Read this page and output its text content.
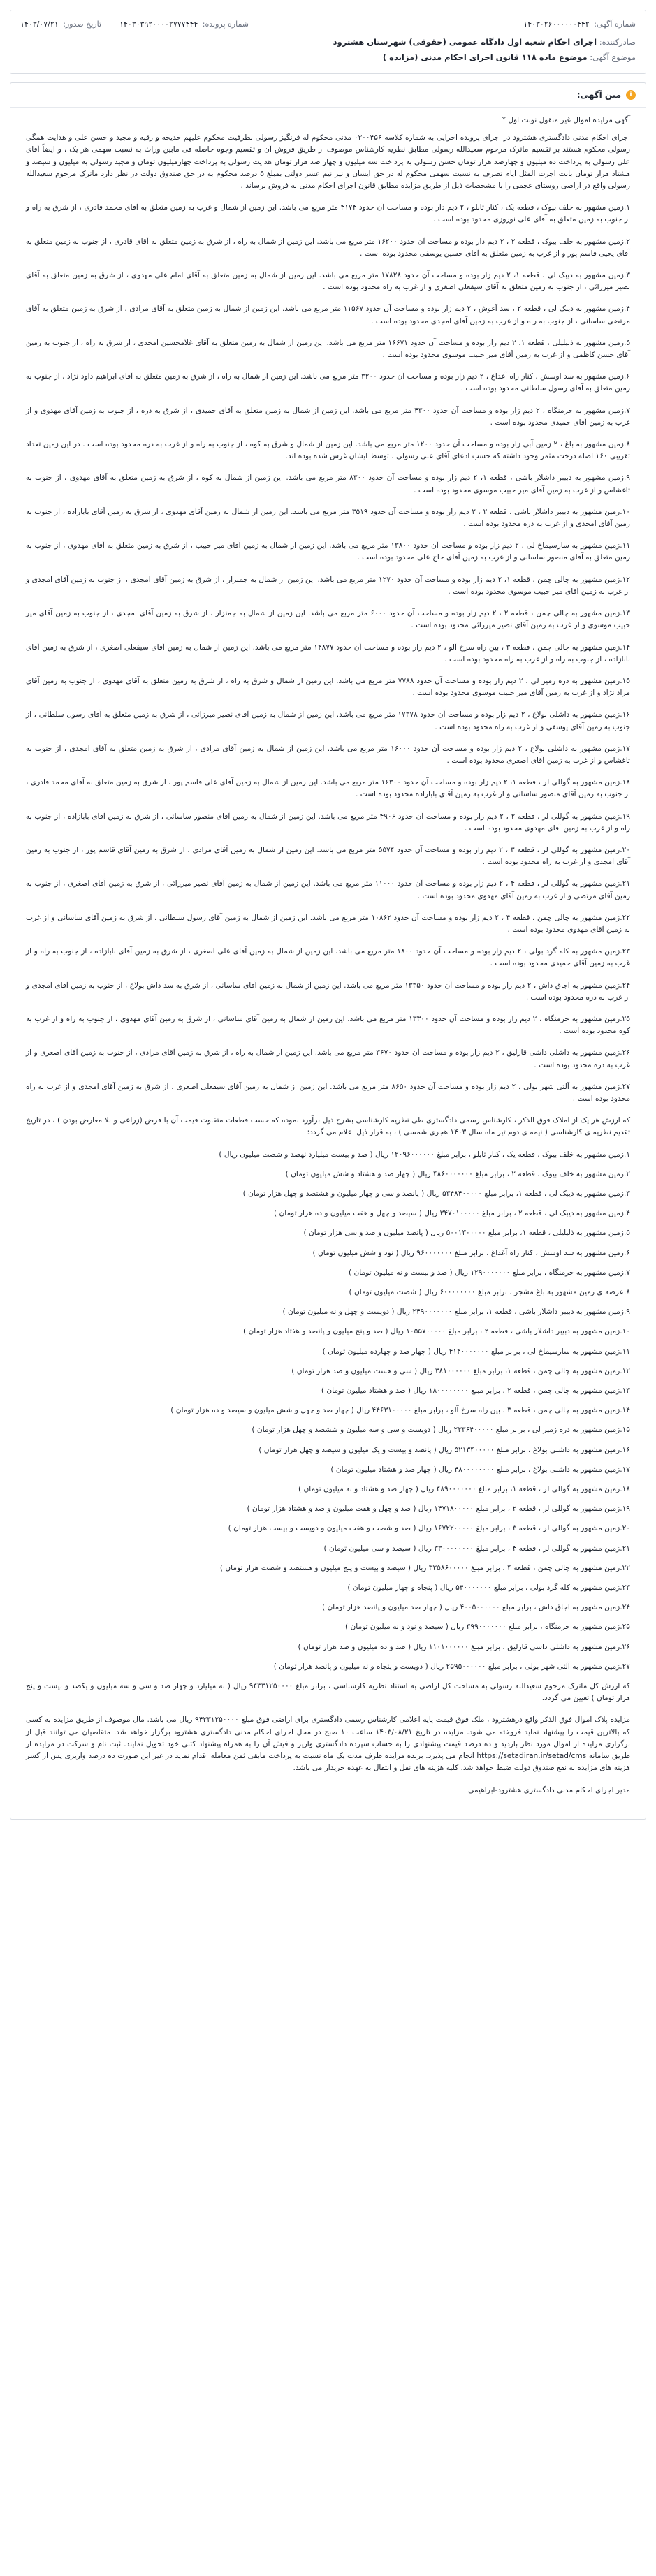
شماره آگهی: ۱۴۰۳۰۲۶۰۰۰۰۰۰۴۴۲
شماره پرونده: ۱۴۰۳۰۳۹۲۰۰۰۰۲۷۷۷۴۴۴
تاریخ صدور: ۱۴۰۳/۰۷/۲۱
صادرکننده: اجرای احکام شعبه اول دادگاه عمومی (حقوقی) شهرستان هشترود
موضوع آگهی: موضوع ماده ۱۱۸ قانون اجرای احکام مدنی (مزایده )
i
متن آگهی:

آگهی مزایده اموال غیر منقول نوبت اول *

اجرای احکام مدنی دادگستری هشترود در اجرای پرونده اجرایی به شماره کلاسه ۰۳۰۰۴۵۶ مدنی محکوم له فرنگیز رسولی بطرفیت محکوم علیهم خدیجه و رقیه و مجید و حسن علی و هدایت همگی رسولی محکوم هستند بر تقسیم ماترک مرحوم سعیدالله رسولی مطابق نظریه کارشناس موصوف از طریق فروش آن و تقسیم وجوه حاصله فی مابین وراث به نسبت سهمی هر یک ، و ایضاً آقای علی رسولی به پرداخت ده میلیون و چهارصد هزار تومان حسن رسولی به پرداخت سه میلیون و چهار صد هزار تومان هدایت رسولی به پرداخت چهارمیلیون تومان و مجید رسولی به میلیون و سیصد و هشتاد هزار تومان بابت اجرت المثل ایام تصرف به نسبت سهمی محکوم له در حق ایشان و نیز نیم عشر دولتی بمبلغ ۵ درصد محکوم به در حق صندوق دولت در نظر دارد ماترک مرحوم سعیدالله رسولی واقع در اراضی روستای عجمی را با مشخصات ذیل از طریق مزایده مطابق قانون اجرای احکام مدنی به فروش برساند .

۱.زمین مشهور به خلف بیوک ، قطعه یک ، کنار تابلو ، ۲ دیم دار بوده و مساحت آن حدود ۴۱۷۴ متر مربع می باشد. این زمین از شمال و غرب به زمین متعلق به آقای محمد قادری ، از شرق به راه و از جنوب به زمین متعلق به آقای علی نوروزی محدود بوده است .

۲.زمین مشهور به خلف بیوک ، قطعه ۲ ، ۲ دیم دار بوده و مساحت آن حدود ۱۶۲۰۰ متر مربع می باشد. این زمین از شمال به راه ، از شرق به زمین متعلق به آقای قادری ، از جنوب به زمین متعلق به آقای یحیی قاسم پور و از غرب به زمین متعلق به آقای حسین یوسفی محدود بوده است .

۳.زمین مشهور به دیبک لی ، قطعه ۱، ۲ دیم زار بوده و مساحت آن حدود ۱۷۸۲۸ متر مربع می باشد. این زمین از شمال به زمین متعلق به آقای امام علی مهدوی ، از شرق به زمین متعلق به آقای نصیر میرزائی ، از جنوب به زمین متعلق به آقای سیفعلی اصغری و از غرب به راه محدود بوده است .

۴.زمین مشهور به دیبک لی ، قطعه ۲ ، سد آغوش ، ۲ دیم زار بوده و مساحت آن حدود ۱۱۵۶۷ متر مربع می باشد. این زمین از شمال به زمین متعلق به آقای مرادی ، از شرق به زمین متعلق به آقای مرتضی ساسانی ، از جنوب به راه و از غرب به زمین آقای امجدی محدود بوده است .

۵.زمین مشهور به ذلیلیلی ، قطعه ۱، ۲ دیم زار بوده و مساحت آن حدود ۱۶۶۷۱ متر مربع می باشد. این زمین از شمال به زمین متعلق به آقای غلامحسین امجدی ، از شرق به راه ، از جنوب به زمین آقای حسن کاظمی و از غرب به زمین آقای میر حبیب موسوی محدود بوده است .

۶.زمین مشهور به سد اوسش ، کنار راه آغداغ ، ۲ دیم زار بوده و مساحت آن حدود ۳۲۰۰ متر مربع می باشد. این زمین از شمال به راه ، از شرق به زمین متعلق به آقای ابراهیم داود نژاد ، از جنوب به زمین متعلق به آقای رسول سلطانی محدود بوده است .

۷.زمین مشهور به خرمنگاه ، ۲ دیم زار بوده و مساحت آن حدود ۴۳۰۰ متر مربع می باشد. این زمین از شمال به زمین متعلق به آقای حمیدی ، از شرق به دره ، از جنوب به زمین آقای مهدوی و از غرب به زمین آقای حمیدی محدود بوده است .

۸.زمین مشهور به باغ ، ۲ زمین آبی زار بوده و مساحت آن حدود ۱۲۰۰ متر مربع می باشد. این زمین از شمال و شرق به کوه ، از جنوب به راه و از غرب به دره محدود بوده است . در این زمین تعداد تقریبی ۱۶۰ اصله درخت مثمر وجود داشته که حسب ادعای آقای علی رسولی ، توسط ایشان غرس شده بوده اند.

۹.زمین مشهور به دبیبر داشلار باشی ، قطعه ۱، ۲ دیم زار بوده و مساحت آن حدود ۸۳۰۰ متر مربع می باشد. این زمین از شمال به کوه ، از شرق به زمین متعلق به آقای مهدوی ، از جنوب به تاغشاس و از غرب به زمین آقای میر حبیب موسوی محدود بوده است .

۱۰.زمین مشهور به دبیبر داشلار باشی ، قطعه ۲ ، ۲ دیم زار بوده و مساحت آن حدود ۳۵۱۹ متر مربع می باشد. این زمین از شمال به زمین آقای مهدوی ، از شرق به زمین آقای بابازاده ، از جنوب به زمین آقای امجدی و از غرب به دره محدود بوده است .

۱۱.زمین مشهور به سارسیماخ لی ، ۲ دیم زار بوده و مساحت آن حدود ۱۳۸۰۰ متر مربع می باشد. این زمین از شمال به زمین آقای میر حبیب ، از شرق به زمین متعلق به آقای مهدوی ، از جنوب به زمین متعلق به آقای منصور ساسانی و از غرب به زمین آقای حاج علی محدود بوده است .

۱۲.زمین مشهور به چالی چمن ، قطعه ۱، ۲ دیم زار بوده و مساحت آن حدود ۱۲۷۰ متر مربع می باشد. این زمین از شمال به جمنزار ، از شرق به زمین آقای امجدی ، از جنوب به زمین آقای امجدی و از غرب به زمین آقای میر حبیب موسوی محدود بوده است .

۱۳.زمین مشهور به چالی چمن ، قطعه ۲ ، ۲ دیم زار بوده و مساحت آن حدود ۶۰۰۰ متر مربع می باشد. این زمین از شمال به جمنزار ، از شرق به زمین آقای امجدی ، از جنوب به زمین آقای میر حبیب موسوی و از غرب به زمین آقای نصیر میرزائی محدود بوده است .

۱۴.زمین مشهور به چالی چمن ، قطعه ۳ ، بین راه سرخ آلو ، ۲ دیم زار بوده و مساحت آن حدود ۱۴۸۷۷ متر مربع می باشد. این زمین از شمال به زمین آقای سیفعلی اصغری ، از شرق به زمین آقای بابازاده ، از جنوب به راه و از غرب به راه محدود بوده است .

۱۵.زمین مشهور به دره زمیر لی ، ۲ دیم زار بوده و مساحت آن حدود ۷۷۸۸ متر مربع می باشد. این زمین از شمال و شرق به راه ، از شرق به زمین متعلق به آقای مهدوی ، از جنوب به زمین آقای مراد نژاد و از غرب به زمین آقای میر حبیب موسوی محدود بوده است .

۱۶.زمین مشهور به داشلی بولاغ ، ۲ دیم زار بوده و مساحت آن حدود ۱۷۳۷۸ متر مربع می باشد. این زمین از شمال به زمین آقای نصیر میرزائی ، از شرق به زمین متعلق به آقای رسول سلطانی ، از جنوب به زمین آقای یوسفی و از غرب به راه محدود بوده است .

۱۷.زمین مشهور به داشلی بولاغ ، ۲ دیم زار بوده و مساحت آن حدود ۱۶۰۰۰ متر مربع می باشد. این زمین از شمال به زمین آقای مرادی ، از شرق به زمین متعلق به آقای امجدی ، از جنوب به تاغشاس و از غرب به زمین آقای اصغری محدود بوده است .

۱۸.زمین مشهور به گوللی لر ، قطعه ۱، ۲ دیم زار بوده و مساحت آن حدود ۱۶۳۰۰ متر مربع می باشد. این زمین از شمال به زمین آقای علی قاسم پور ، از شرق به زمین متعلق به آقای محمد قادری ، از جنوب به زمین آقای منصور ساسانی و از غرب به زمین آقای بابازاده محدود بوده است .

۱۹.زمین مشهور به گوللی لر ، قطعه ۲ ، ۲ دیم زار بوده و مساحت آن حدود ۴۹۰۶ متر مربع می باشد. این زمین از شمال به زمین آقای منصور ساسانی ، از شرق به زمین آقای بابازاده ، از جنوب به راه و از غرب به زمین آقای مهدوی محدود بوده است .

۲۰.زمین مشهور به گوللی لر ، قطعه ۳ ، ۲ دیم زار بوده و مساحت آن حدود ۵۵۷۴ متر مربع می باشد. این زمین از شمال به زمین آقای مرادی ، از شرق به زمین آقای قاسم پور ، از جنوب به زمین آقای امجدی و از غرب به راه محدود بوده است .

۲۱.زمین مشهور به گوللی لر ، قطعه ۴ ، ۲ دیم زار بوده و مساحت آن حدود ۱۱۰۰۰ متر مربع می باشد. این زمین از شمال به زمین آقای نصیر میرزائی ، از شرق به زمین آقای اصغری ، از جنوب به زمین آقای مرتضی و از غرب به زمین آقای مهدوی محدود بوده است .

۲۲.زمین مشهور به چالی چمن ، قطعه ۴ ، ۲ دیم زار بوده و مساحت آن حدود ۱۰۸۶۲ متر مربع می باشد. این زمین از شمال به زمین آقای رسول سلطانی ، از شرق به زمین آقای ساسانی و از غرب به زمین آقای مهدوی محدود بوده است .

۲۳.زمین مشهور به کله گرد بولی ، ۲ دیم زار بوده و مساحت آن حدود ۱۸۰۰ متر مربع می باشد. این زمین از شمال به زمین آقای علی اصغری ، از شرق به زمین آقای بابازاده ، از جنوب به راه و از غرب به زمین آقای حمیدی محدود بوده است .

۲۴.زمین مشهور به اجاق داش ، ۲ دیم زار بوده و مساحت آن حدود ۱۳۳۵۰ متر مربع می باشد. این زمین از شمال به زمین آقای ساسانی ، از شرق به سد داش بولاغ ، از جنوب به زمین آقای امجدی و از غرب به دره محدود بوده است .

۲۵.زمین مشهور به خرمنگاه ، ۲ دیم زار بوده و مساحت آن حدود ۱۳۳۰۰ متر مربع می باشد. این زمین از شمال به زمین آقای ساسانی ، از شرق به زمین آقای مهدوی ، از جنوب به راه و از غرب به کوه محدود بوده است .

۲۶.زمین مشهور به داشلی داشی قارلیق ، ۲ دیم زار بوده و مساحت آن حدود ۳۶۷۰ متر مربع می باشد. این زمین از شمال به راه ، از شرق به زمین آقای مرادی ، از جنوب به زمین آقای اصغری و از غرب به دره محدود بوده است .

۲۷.زمین مشهور به آلتی شهر بولی ، ۲ دیم زار بوده و مساحت آن حدود ۸۶۵۰ متر مربع می باشد. این زمین از شمال به زمین آقای سیفعلی اصغری ، از شرق به زمین آقای امجدی و از غرب به راه محدود بوده است .

که ارزش هر یک از املاک فوق الذکر ، کارشناس رسمی دادگستری طی نظریه کارشناسی بشرح ذیل برآورد نموده که حسب قطعات متفاوت قیمت آن با فرض (زراعی و بلا معارض بودن ) ، در تاریخ تقدیم نظریه ی کارشناسی ( نیمه ی دوم تیر ماه سال ۱۴۰۳ هجری شمسی ) ، به قرار ذیل اعلام می گردد:

۱.زمین مشهور به خلف بیوک ، قطعه یک ، کنار تابلو ، برابر مبلغ ۱۲۰۹۶۰۰۰۰۰۰ ریال ( صد و بیست میلیارد نهصد و شصت میلیون ریال )

۲.زمین مشهور به خلف بیوک ، قطعه ۲ ، برابر مبلغ ۴۸۶۰۰۰۰۰۰۰ ریال ( چهار صد و هشتاد و شش میلیون تومان )

۳.زمین مشهور به دیبک لی ، قطعه ۱، برابر مبلغ ۵۳۴۸۴۰۰۰۰۰ ریال ( پانصد و سی و چهار میلیون و هشتصد و چهل هزار تومان )

۴.زمین مشهور به دیبک لی ، قطعه ۲ ، برابر مبلغ ۳۴۷۰۱۰۰۰۰۰ ریال ( سیصد و چهل و هفت میلیون و ده هزار تومان )

۵.زمین مشهور به ذلیلیلی ، قطعه ۱، برابر مبلغ ۵۰۰۱۳۰۰۰۰۰ ریال ( پانصد میلیون و صد و سی هزار تومان )

۶.زمین مشهور به سد اوسش ، کنار راه آغداغ ، برابر مبلغ ۹۶۰۰۰۰۰۰۰ ریال ( نود و شش میلیون تومان )

۷.زمین مشهور به خرمنگاه ، برابر مبلغ ۱۲۹۰۰۰۰۰۰۰ ریال ( صد و بیست و نه میلیون تومان )

۸.عرصه ی زمین مشهور به باغ مشجر ، برابر مبلغ ۶۰۰۰۰۰۰۰۰ ریال ( شصت میلیون تومان )

۹.زمین مشهور به دبیبر داشلار باشی ، قطعه ۱، برابر مبلغ ۲۴۹۰۰۰۰۰۰۰ ریال ( دویست و چهل و نه میلیون تومان )

۱۰.زمین مشهور به دبیبر داشلار باشی ، قطعه ۲ ، برابر مبلغ ۱۰۵۵۷۰۰۰۰۰ ریال ( صد و پنج میلیون و پانصد و هفتاد هزار تومان )

۱۱.زمین مشهور به سارسیماخ لی ، برابر مبلغ ۴۱۴۰۰۰۰۰۰۰ ریال ( چهار صد و چهارده میلیون تومان )

۱۲.زمین مشهور به چالی چمن ، قطعه ۱، برابر مبلغ ۳۸۱۰۰۰۰۰۰ ریال ( سی و هشت میلیون و صد هزار تومان )

۱۳.زمین مشهور به چالی چمن ، قطعه ۲ ، برابر مبلغ ۱۸۰۰۰۰۰۰۰۰ ریال ( صد و هشتاد میلیون تومان )

۱۴.زمین مشهور به چالی چمن ، قطعه ۳ ، بین راه سرخ آلو ، برابر مبلغ ۴۴۶۳۱۰۰۰۰۰ ریال ( چهار صد و چهل و شش میلیون و سیصد و ده هزار تومان )

۱۵.زمین مشهور به دره زمیر لی ، برابر مبلغ ۲۳۳۶۴۰۰۰۰۰ ریال ( دویست و سی و سه میلیون و ششصد و چهل هزار تومان )

۱۶.زمین مشهور به داشلی بولاغ ، برابر مبلغ ۵۲۱۳۴۰۰۰۰۰ ریال ( پانصد و بیست و یک میلیون و سیصد و چهل هزار تومان )

۱۷.زمین مشهور به داشلی بولاغ ، برابر مبلغ ۴۸۰۰۰۰۰۰۰۰ ریال ( چهار صد و هشتاد میلیون تومان )

۱۸.زمین مشهور به گوللی لر ، قطعه ۱، برابر مبلغ ۴۸۹۰۰۰۰۰۰۰ ریال ( چهار صد و هشتاد و نه میلیون تومان )

۱۹.زمین مشهور به گوللی لر ، قطعه ۲ ، برابر مبلغ ۱۴۷۱۸۰۰۰۰۰ ریال ( صد و چهل و هفت میلیون و صد و هشتاد هزار تومان )

۲۰.زمین مشهور به گوللی لر ، قطعه ۳ ، برابر مبلغ ۱۶۷۲۲۰۰۰۰۰ ریال ( صد و شصت و هفت میلیون و دویست و بیست هزار تومان )

۲۱.زمین مشهور به گوللی لر ، قطعه ۴ ، برابر مبلغ ۳۳۰۰۰۰۰۰۰۰ ریال ( سیصد و سی میلیون تومان )

۲۲.زمین مشهور به چالی چمن ، قطعه ۴ ، برابر مبلغ ۳۲۵۸۶۰۰۰۰۰ ریال ( سیصد و بیست و پنج میلیون و هشتصد و شصت هزار تومان )

۲۳.زمین مشهور به کله گرد بولی ، برابر مبلغ ۵۴۰۰۰۰۰۰۰ ریال ( پنجاه و چهار میلیون تومان )

۲۴.زمین مشهور به اجاق داش ، برابر مبلغ ۴۰۰۵۰۰۰۰۰۰ ریال ( چهار صد میلیون و پانصد هزار تومان )

۲۵.زمین مشهور به خرمنگاه ، برابر مبلغ ۳۹۹۰۰۰۰۰۰۰ ریال ( سیصد و نود و نه میلیون تومان )

۲۶.زمین مشهور به داشلی داشی قارلیق ، برابر مبلغ ۱۱۰۱۰۰۰۰۰۰ ریال ( صد و ده میلیون و صد هزار تومان )

۲۷.زمین مشهور به آلتی شهر بولی ، برابر مبلغ ۲۵۹۵۰۰۰۰۰۰ ریال ( دویست و پنجاه و نه میلیون و پانصد هزار تومان )

که ارزش کل ماترک مرحوم سعیدالله رسولی به مساحت کل اراضی به استناد نظریه کارشناسی ، برابر مبلغ ۹۴۳۳۱۲۵۰۰۰۰ ریال ( نه میلیارد و چهار صد و سی و سه میلیون و یکصد و بیست و پنج هزار تومان ) تعیین می گردد.

مزایده پلاک اموال فوق الذکر واقع درهشترود ، ملک فوق قیمت پایه اعلامی کارشناس رسمی دادگستری برای اراضی فوق مبلغ ۹۴۳۳۱۲۵۰۰۰۰ ریال می باشد. مال موصوف از طریق مزایده به کسی که بالاترین قیمت را پیشنهاد نماید فروخته می شود. مزایده در تاریخ ۱۴۰۳/۰۸/۲۱ ساعت ۱۰ صبح در محل اجرای احکام مدنی دادگستری هشترود برگزار خواهد شد. متقاضیان می توانند قبل از برگزاری مزایده از اموال مورد نظر بازدید و ده درصد قیمت پیشنهادی را به حساب سپرده دادگستری واریز و فیش آن را به همراه پیشنهاد کتبی خود تحویل نمایند. ثبت نام و شرکت در مزایده از طریق سامانه https://setadiran.ir/setad/cms انجام می پذیرد. برنده مزایده ظرف مدت یک ماه نسبت به پرداخت مابقی ثمن معامله اقدام نماید در غیر این صورت ده درصد واریزی پس از کسر هزینه های مزایده به نفع صندوق دولت ضبط خواهد شد. کلیه هزینه های نقل و انتقال به عهده خریدار می باشد.

مدیر اجرای احکام مدنی دادگستری هشترود-ابراهیمی
